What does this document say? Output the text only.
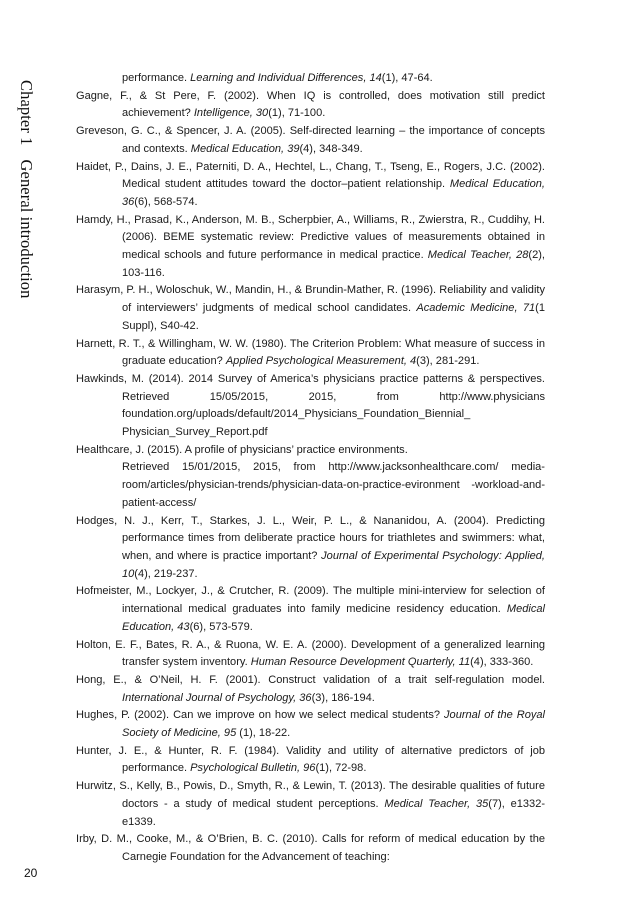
Chapter 1General introduction

performance. Learning and Individual Differences, 14(1), 47-64.

Gagne, F., & St Pere, F. (2002). When IQ is controlled, does motivation still predict achievement? Intelligence, 30(1), 71-100.

Greveson, G. C., & Spencer, J. A. (2005). Self-directed learning – the importance of concepts and contexts. Medical Education, 39(4), 348-349.

Haidet, P., Dains, J. E., Paterniti, D. A., Hechtel, L., Chang, T., Tseng, E., Rogers, J.C. (2002). Medical student attitudes toward the doctor–patient relationship. Medical Education, 36(6), 568-574.

Hamdy, H., Prasad, K., Anderson, M. B., Scherpbier, A., Williams, R., Zwierstra, R., Cuddihy, H. (2006). BEME systematic review: Predictive values of measurements obtained in medical schools and future performance in medical practice. Medical Teacher, 28(2), 103-116.

Harasym, P. H., Woloschuk, W., Mandin, H., & Brundin-Mather, R. (1996). Reliability and validity of interviewers’ judgments of medical school candidates. Academic Medicine, 71(1 Suppl), S40-42.

Harnett, R. T., & Willingham, W. W. (1980). The Criterion Problem: What measure of success in graduate education? Applied Psychological Measurement, 4(3), 281-291.

Hawkinds, M. (2014). 2014 Survey of America’s physicians practice patterns & perspectives. Retrieved 15/05/2015, 2015, from http://www.physicians foundation.org/uploads/default/2014_Physicians_Foundation_Biennial_ Physician_Survey_Report.pdf

Healthcare, J. (2015). A profile of physicians’ practice environments.

Retrieved 15/01/2015, 2015, from http://www.jacksonhealthcare.com/ media-room/articles/physician-trends/physician-data-on-practice-evironment -workload-and-patient-access/

Hodges, N. J., Kerr, T., Starkes, J. L., Weir, P. L., & Nananidou, A. (2004). Predicting performance times from deliberate practice hours for triathletes and swimmers: what, when, and where is practice important? Journal of Experimental Psychology: Applied, 10(4), 219-237.

Hofmeister, M., Lockyer, J., & Crutcher, R. (2009). The multiple mini-interview for selection of international medical graduates into family medicine residency education. Medical Education, 43(6), 573-579.

Holton, E. F., Bates, R. A., & Ruona, W. E. A. (2000). Development of a generalized learning transfer system inventory. Human Resource Development Quarterly, 11(4), 333-360.

Hong, E., & O’Neil, H. F. (2001). Construct validation of a trait self-regulation model. International Journal of Psychology, 36(3), 186-194.

Hughes, P. (2002). Can we improve on how we select medical students? Journal of the Royal Society of Medicine, 95 (1), 18-22.

Hunter, J. E., & Hunter, R. F. (1984). Validity and utility of alternative predictors of job performance. Psychological Bulletin, 96(1), 72-98.

Hurwitz, S., Kelly, B., Powis, D., Smyth, R., & Lewin, T. (2013). The desirable qualities of future doctors - a study of medical student perceptions. Medical Teacher, 35(7), e1332-e1339.

Irby, D. M., Cooke, M., & O’Brien, B. C. (2010). Calls for reform of medical education by the Carnegie Foundation for the Advancement of teaching:

20
